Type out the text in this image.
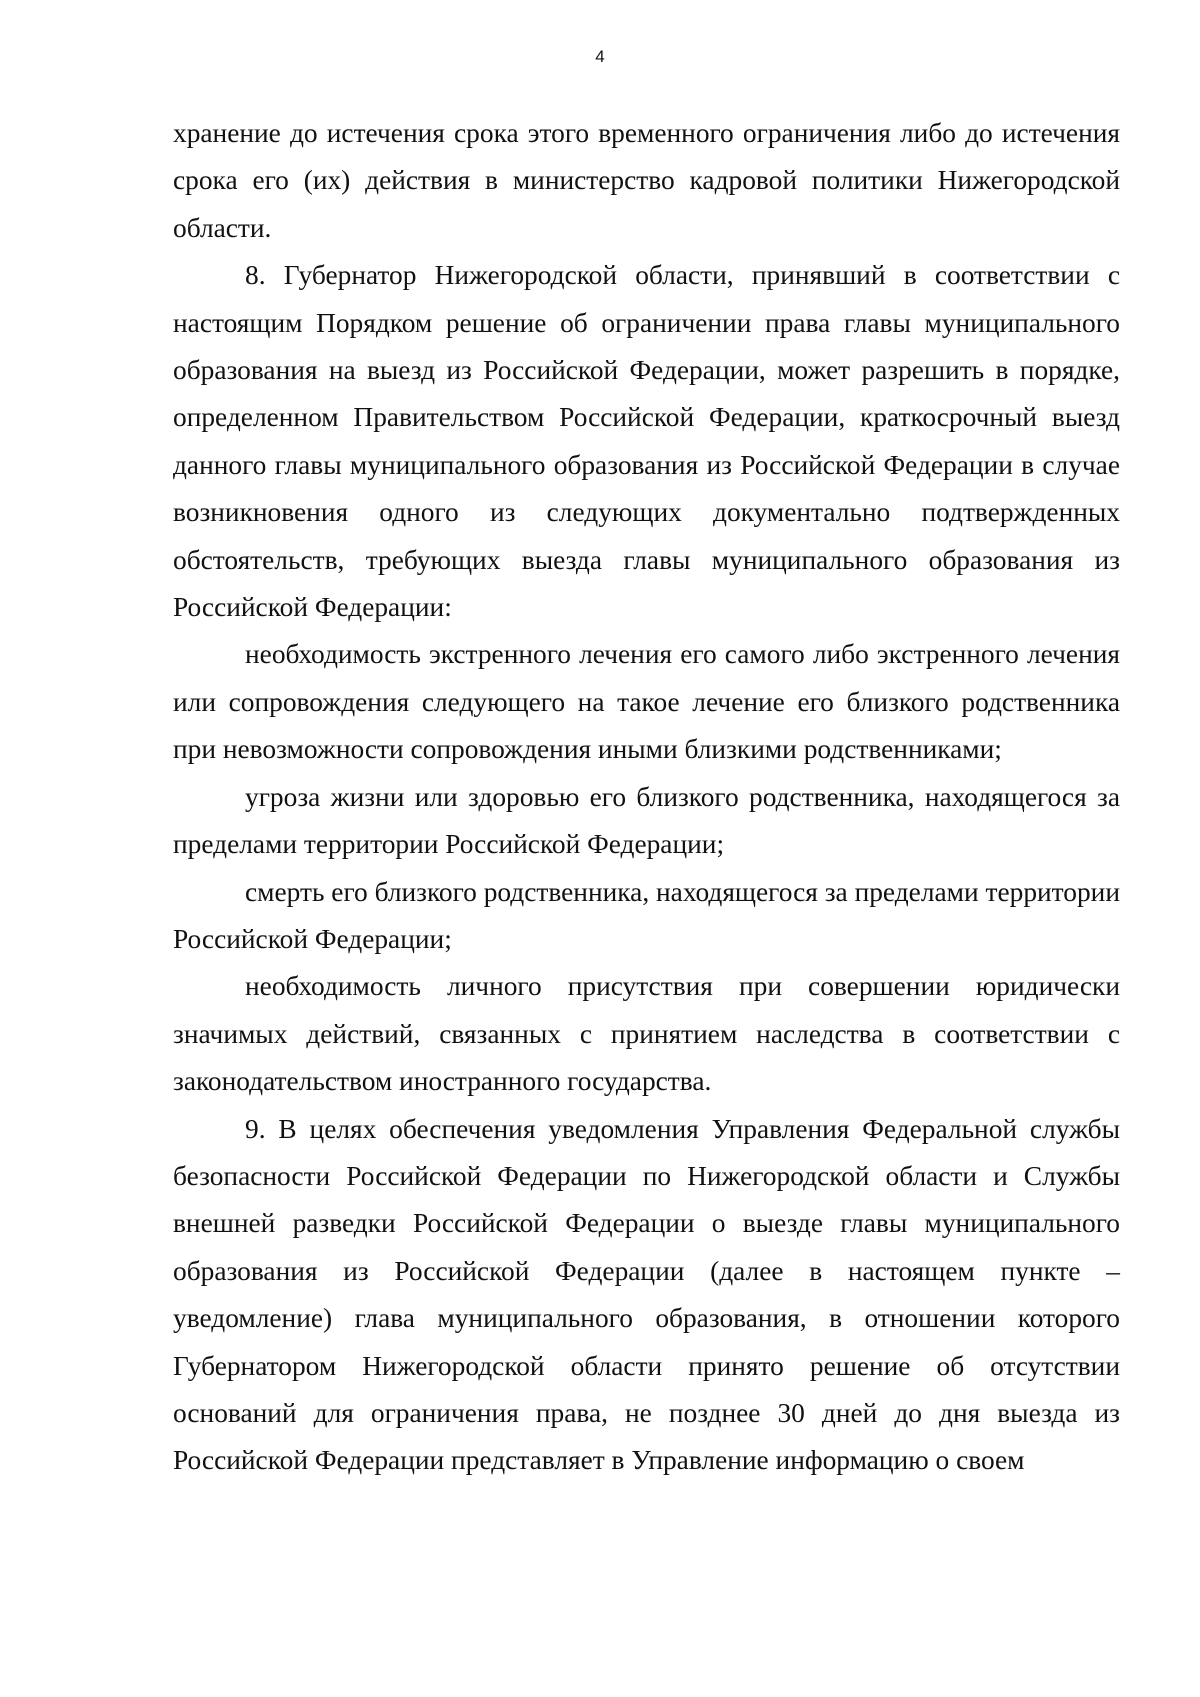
4

хранение до истечения срока этого временного ограничения либо до истечения срока его (их) действия в министерство кадровой политики Нижегородской области.

8. Губернатор Нижегородской области, принявший в соответствии с настоящим Порядком решение об ограничении права главы муниципального образования на выезд из Российской Федерации, может разрешить в порядке, определенном Правительством Российской Федерации, краткосрочный выезд данного главы муниципального образования из Российской Федерации в случае возникновения одного из следующих документально подтвержденных обстоятельств, требующих выезда главы муниципального образования из Российской Федерации:

необходимость экстренного лечения его самого либо экстренного лечения или сопровождения следующего на такое лечение его близкого родственника при невозможности сопровождения иными близкими родственниками;

угроза жизни или здоровью его близкого родственника, находящегося за пределами территории Российской Федерации;

смерть его близкого родственника, находящегося за пределами территории Российской Федерации;

необходимость личного присутствия при совершении юридически значимых действий, связанных с принятием наследства в соответствии с законодательством иностранного государства.

9. В целях обеспечения уведомления Управления Федеральной службы безопасности Российской Федерации по Нижегородской области и Службы внешней разведки Российской Федерации о выезде главы муниципального образования из Российской Федерации (далее в настоящем пункте – уведомление) глава муниципального образования, в отношении которого Губернатором Нижегородской области принято решение об отсутствии оснований для ограничения права, не позднее 30 дней до дня выезда из Российской Федерации представляет в Управление информацию о своем
